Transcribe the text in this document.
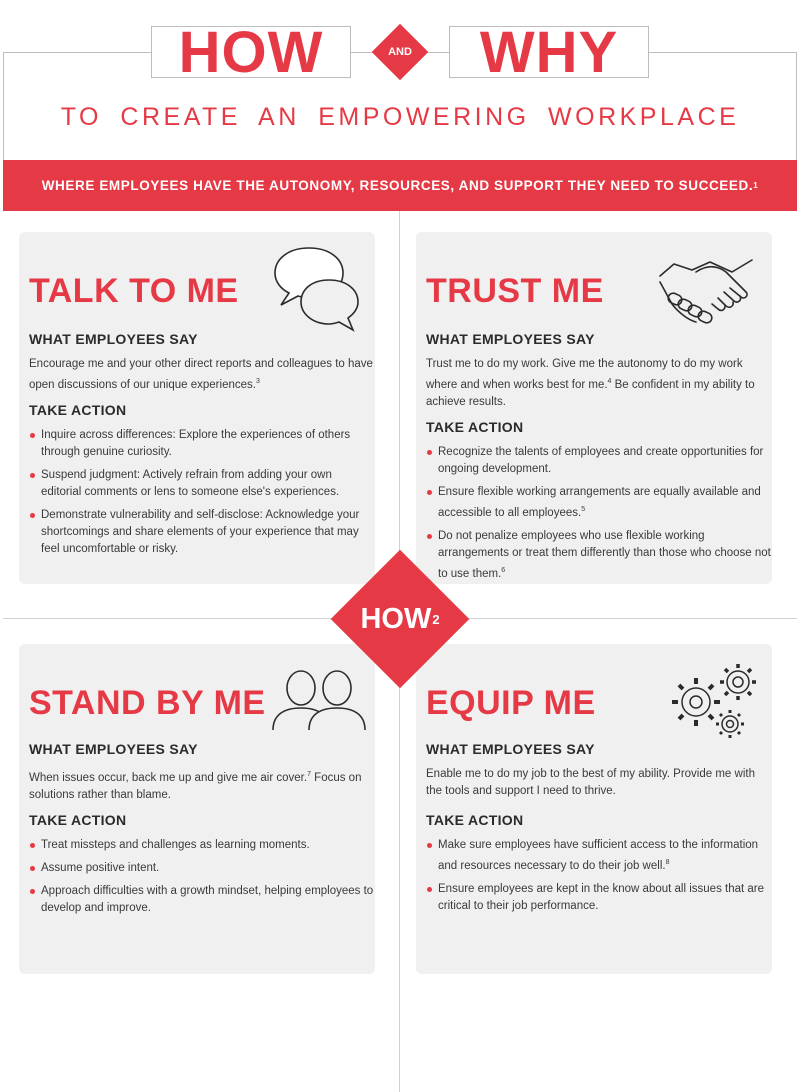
HOW	AND	WHY
TO CREATE AN EMPOWERING WORKPLACE
WHERE EMPLOYEES HAVE THE AUTONOMY, RESOURCES, AND SUPPORT THEY NEED TO SUCCEED. 1
TALK TO ME
WHAT EMPLOYEES SAY
Encourage me and your other direct reports and colleagues to have open discussions of our unique experiences.$^3$
TAKE ACTION
Inquire across differences: Explore the experiences of others through genuine curiosity.
Suspend judgment: Actively refrain from adding your own editorial comments or lens to someone else's experiences.
Demonstrate vulnerability and self-disclose: Acknowledge your shortcomings and share elements of your experience that may feel uncomfortable or risky.
TRUST ME
WHAT EMPLOYEES SAY
Trust me to do my work. Give me the autonomy to do my work where and when works best for me.$^4$ Be confident in my ability to achieve results.
TAKE ACTION
Recognize the talents of employees and create opportunities for ongoing development.
Ensure flexible working arrangements are equally available and accessible to all employees.$^5$
Do not penalize employees who use flexible working arrangements or treat them differently than those who choose not to use them.$^6$
STAND BY ME
WHAT EMPLOYEES SAY
When issues occur, back me up and give me air cover.$^7$ Focus on solutions rather than blame.
TAKE ACTION
Treat missteps and challenges as learning moments.
Assume positive intent.
Approach difficulties with a growth mindset, helping employees to develop and improve.
EQUIP ME
WHAT EMPLOYEES SAY
Enable me to do my job to the best of my ability. Provide me with the tools and support I need to thrive.
TAKE ACTION
Make sure employees have sufficient access to the information and resources necessary to do their job well.$^8$
Ensure employees are kept in the know about all issues that are critical to their job performance.
HOW 2
